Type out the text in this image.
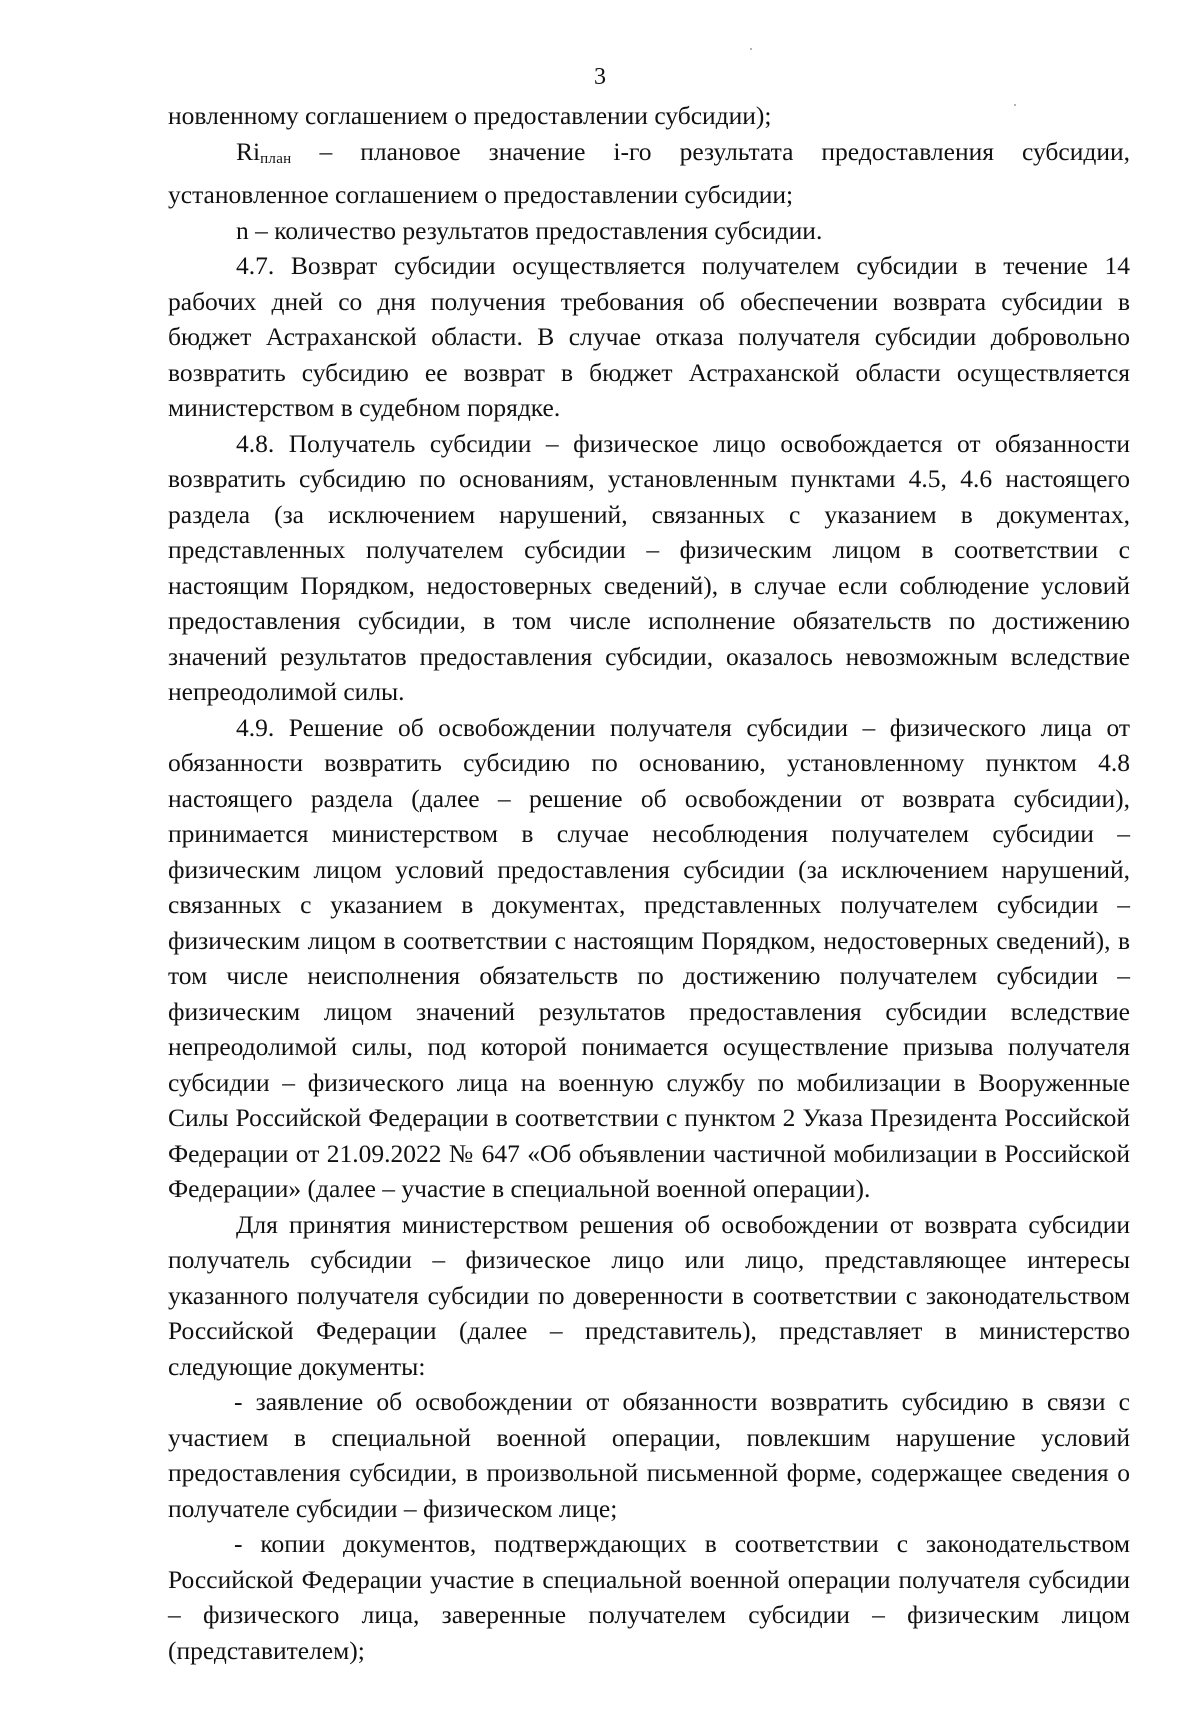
3

новленному соглашением о предоставлении субсидии);

$Ri_{план}$ – плановое значение i-го результата предоставления субсидии, установленное соглашением о предоставлении субсидии;

n – количество результатов предоставления субсидии.

4.7. Возврат субсидии осуществляется получателем субсидии в течение 14 рабочих дней со дня получения требования об обеспечении возврата субсидии в бюджет Астраханской области. В случае отказа получателя субсидии добровольно возвратить субсидию ее возврат в бюджет Астраханской области осуществляется министерством в судебном порядке.

4.8. Получатель субсидии – физическое лицо освобождается от обязанности возвратить субсидию по основаниям, установленным пунктами 4.5, 4.6 настоящего раздела (за исключением нарушений, связанных с указанием в документах, представленных получателем субсидии – физическим лицом в соответствии с настоящим Порядком, недостоверных сведений), в случае если соблюдение условий предоставления субсидии, в том числе исполнение обязательств по достижению значений результатов предоставления субсидии, оказалось невозможным вследствие непреодолимой силы.

4.9. Решение об освобождении получателя субсидии – физического лица от обязанности возвратить субсидию по основанию, установленному пунктом 4.8 настоящего раздела (далее – решение об освобождении от возврата субсидии), принимается министерством в случае несоблюдения получателем субсидии – физическим лицом условий предоставления субсидии (за исключением нарушений, связанных с указанием в документах, представленных получателем субсидии – физическим лицом в соответствии с настоящим Порядком, недостоверных сведений), в том числе неисполнения обязательств по достижению получателем субсидии – физическим лицом значений результатов предоставления субсидии вследствие непреодолимой силы, под которой понимается осуществление призыва получателя субсидии – физического лица на военную службу по мобилизации в Вооруженные Силы Российской Федерации в соответствии с пунктом 2 Указа Президента Российской Федерации от 21.09.2022 № 647 «Об объявлении частичной мобилизации в Российской Федерации» (далее – участие в специальной военной операции).

Для принятия министерством решения об освобождении от возврата субсидии получатель субсидии – физическое лицо или лицо, представляющее интересы указанного получателя субсидии по доверенности в соответствии с законодательством Российской Федерации (далее – представитель), представляет в министерство следующие документы:

- заявление об освобождении от обязанности возвратить субсидию в связи с участием в специальной военной операции, повлекшим нарушение условий предоставления субсидии, в произвольной письменной форме, содержащее сведения о получателе субсидии – физическом лице;

- копии документов, подтверждающих в соответствии с законодательством Российской Федерации участие в специальной военной операции получателя субсидии – физического лица, заверенные получателем субсидии – физическим лицом (представителем);
